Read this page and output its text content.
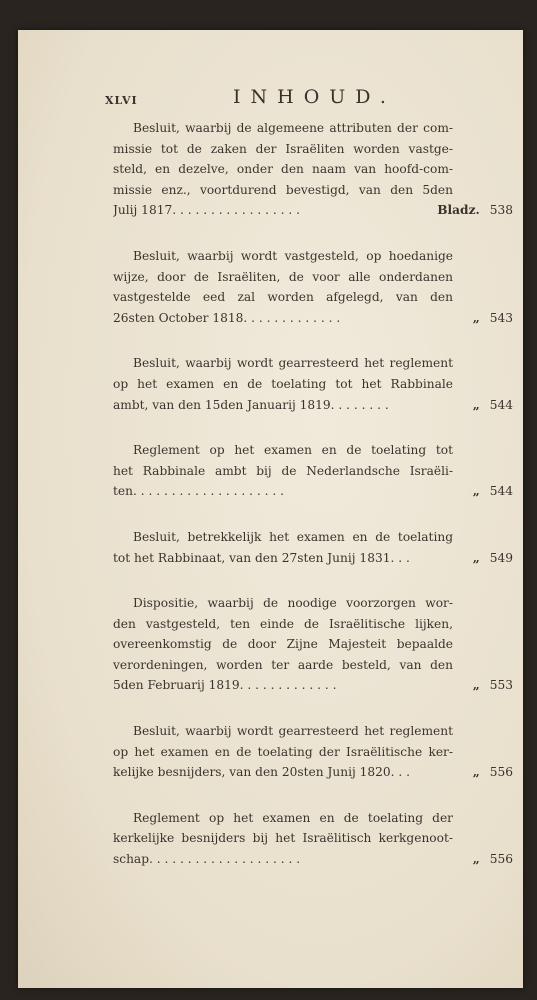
XLVI	INHOUD.
Besluit, waarbij de algemeene attributen der com-
missie tot de zaken der Israëliten worden vastge-
steld, en dezelve, onder den naam van hoofd-com-
missie enz., voortdurend bevestigd, van den 5den
Julij 1817. . . . . . . . . . . . . . . . .	Bladz. 538
Besluit, waarbij wordt vastgesteld, op hoedanige
wijze, door de Israëliten, de voor alle onderdanen
vastgestelde eed zal worden afgelegd, van den
26sten October 1818. . . . . . . . . . . . .	„ 543
Besluit, waarbij wordt gearresteerd het reglement
op het examen en de toelating tot het Rabbinale
ambt, van den 15den Januarij 1819. . . . . . . .	„ 544
Reglement op het examen en de toelating tot
het Rabbinale ambt bij de Nederlandsche Israëli-
ten. . . . . . . . . . . . . . . . . . . .	„ 544
Besluit, betrekkelijk het examen en de toelating
tot het Rabbinaat, van den 27sten Junij 1831. . .	„ 549
Dispositie, waarbij de noodige voorzorgen wor-
den vastgesteld, ten einde de Israëlitische lijken,
overeenkomstig de door Zijne Majesteit bepaalde
verordeningen, worden ter aarde besteld, van den
5den Februarij 1819. . . . . . . . . . . . .	„ 553
Besluit, waarbij wordt gearresteerd het reglement
op het examen en de toelating der Israëlitische ker-
kelijke besnijders, van den 20sten Junij 1820. . .	„ 556
Reglement op het examen en de toelating der
kerkelijke besnijders bij het Israëlitisch kerkgenoot-
schap. . . . . . . . . . . . . . . . . . . .	„ 556
